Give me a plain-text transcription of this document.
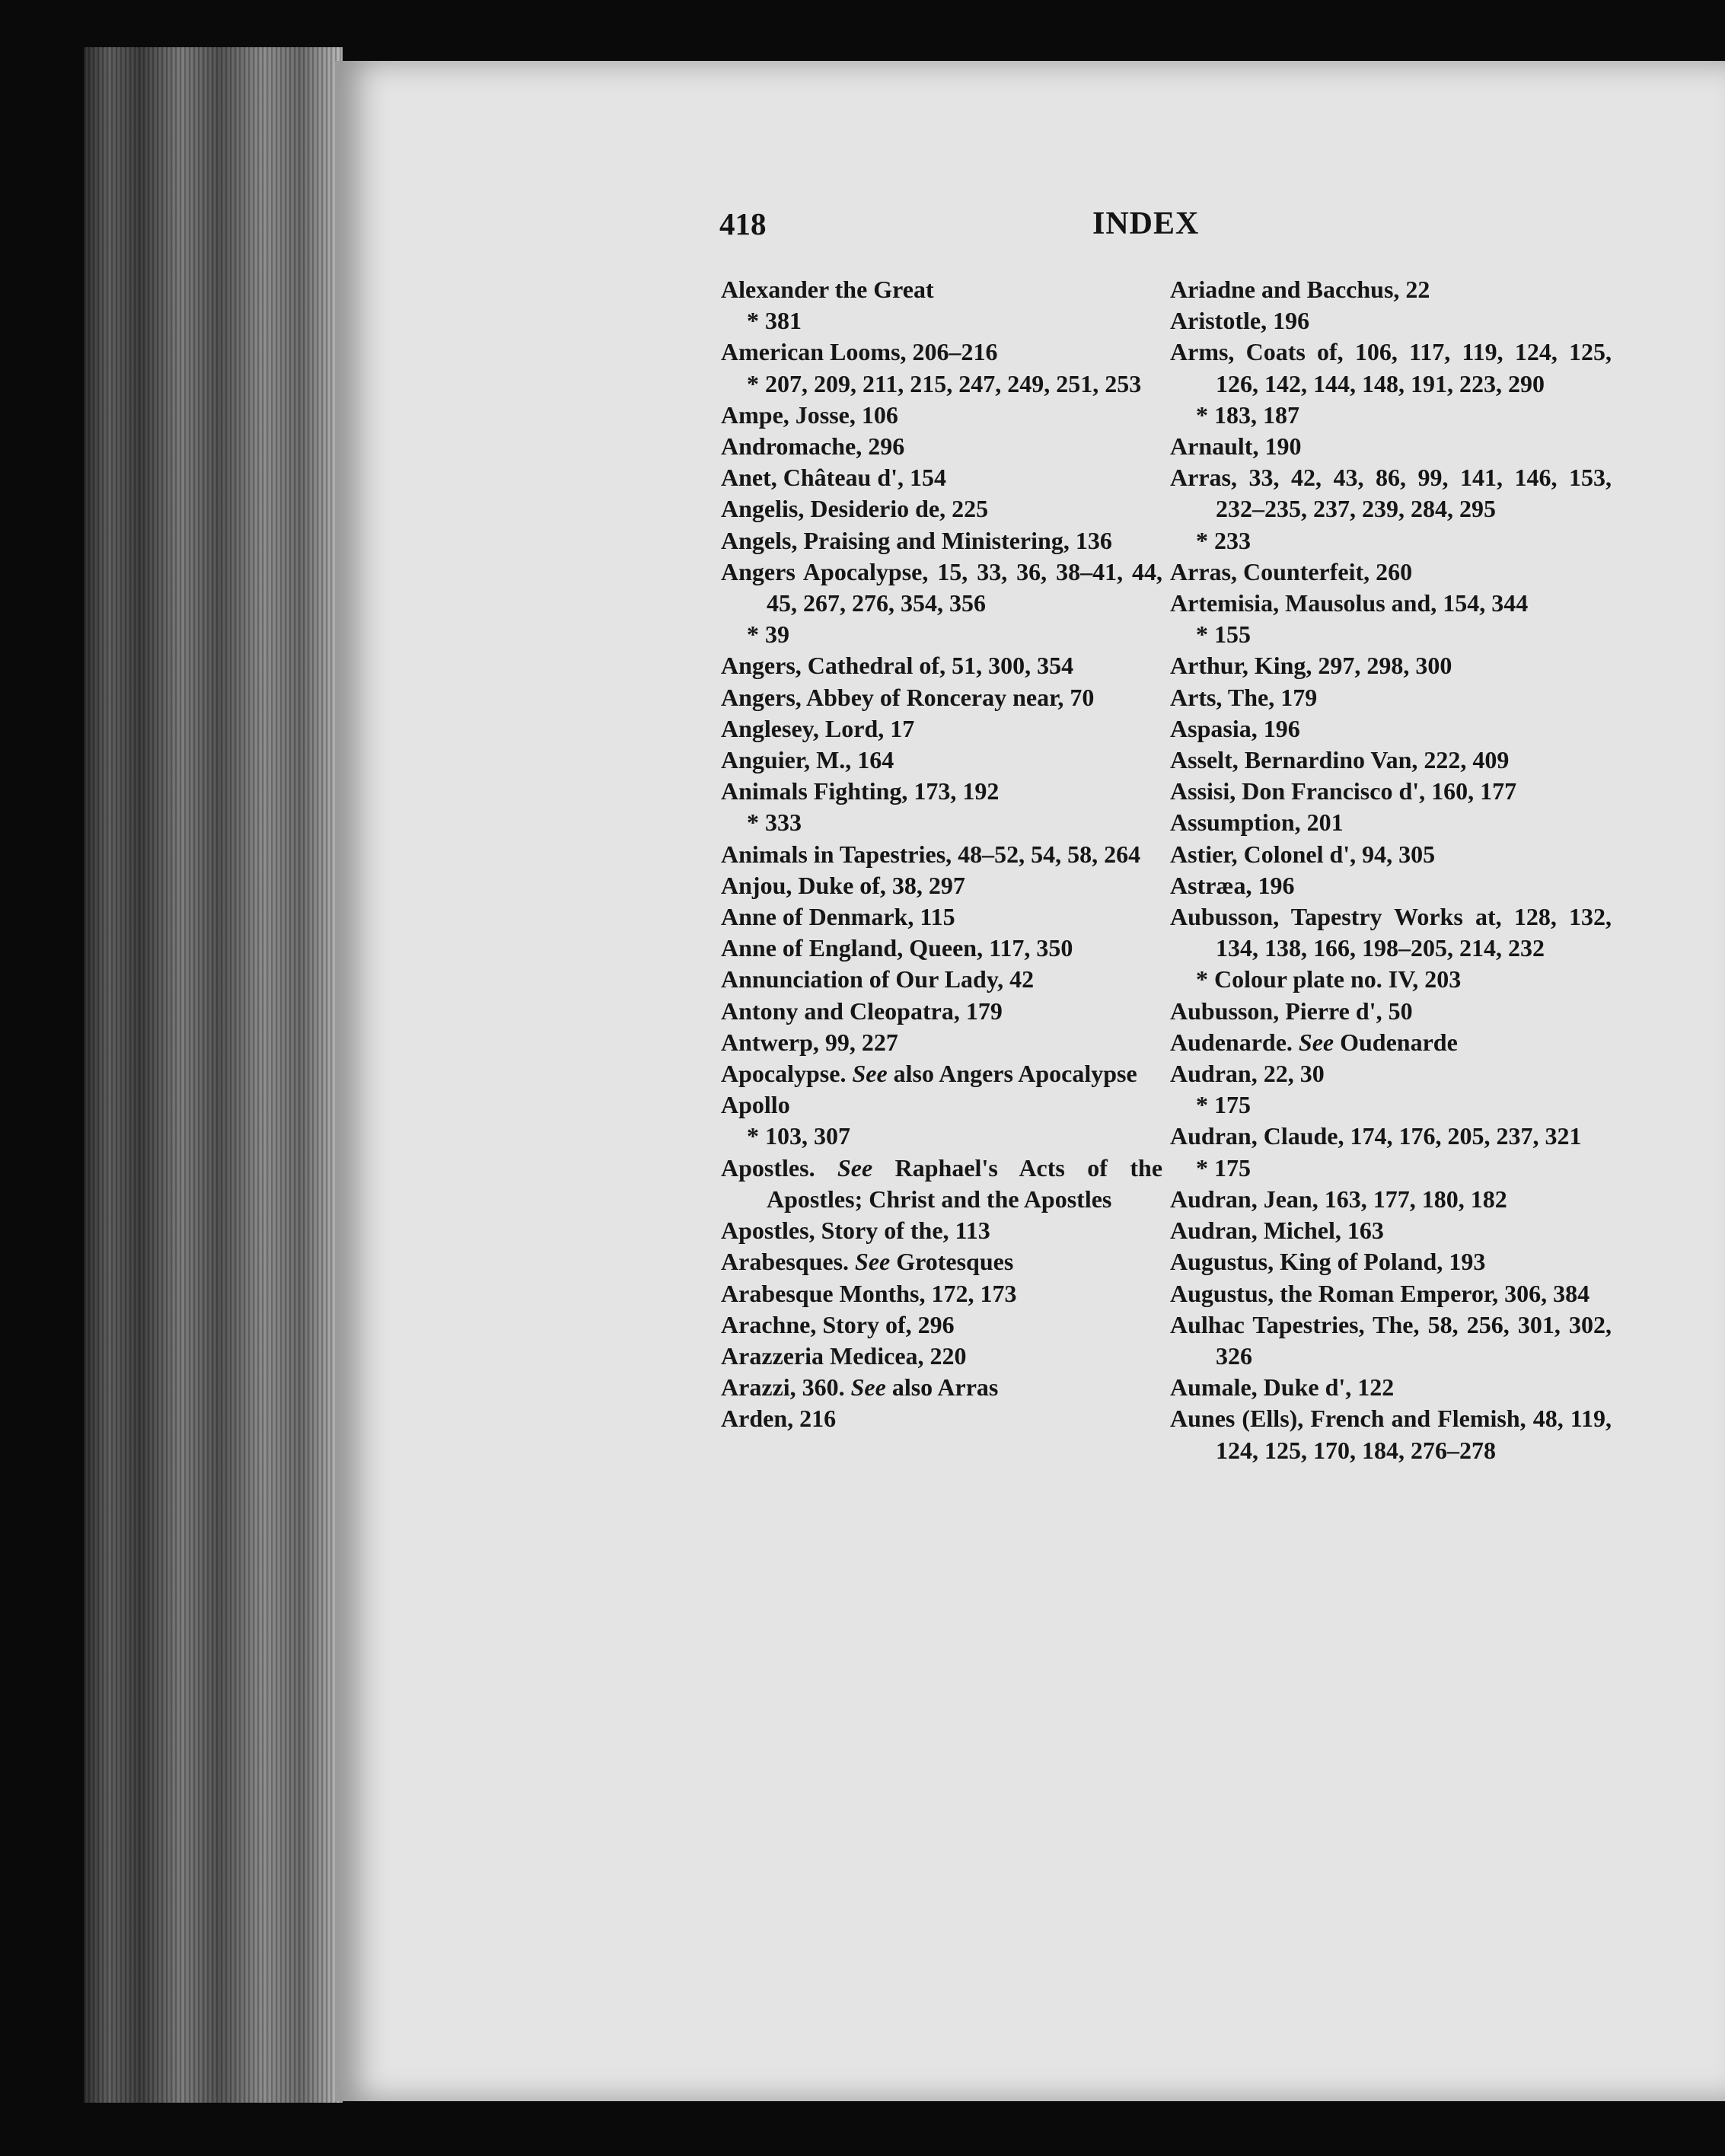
418	INDEX

Alexander the Great

* 381

American Looms, 206–216

* 207, 209, 211, 215, 247, 249, 251, 253

Ampe, Josse, 106

Andromache, 296

Anet, Château d', 154

Angelis, Desiderio de, 225

Angels, Praising and Ministering, 136

Angers Apocalypse, 15, 33, 36, 38–41, 44, 45, 267, 276, 354, 356

* 39

Angers, Cathedral of, 51, 300, 354

Angers, Abbey of Ronceray near, 70

Anglesey, Lord, 17

Anguier, M., 164

Animals Fighting, 173, 192

* 333

Animals in Tapestries, 48–52, 54, 58, 264

Anjou, Duke of, 38, 297

Anne of Denmark, 115

Anne of England, Queen, 117, 350

Annunciation of Our Lady, 42

Antony and Cleopatra, 179

Antwerp, 99, 227

Apocalypse. See also Angers Apocalypse

Apollo

* 103, 307

Apostles. See Raphael's Acts of the Apostles; Christ and the Apostles

Apostles, Story of the, 113

Arabesques. See Grotesques

Arabesque Months, 172, 173

Arachne, Story of, 296

Arazzeria Medicea, 220

Arazzi, 360. See also Arras

Arden, 216

Ariadne and Bacchus, 22

Aristotle, 196

Arms, Coats of, 106, 117, 119, 124, 125, 126, 142, 144, 148, 191, 223, 290

* 183, 187

Arnault, 190

Arras, 33, 42, 43, 86, 99, 141, 146, 153, 232–235, 237, 239, 284, 295

* 233

Arras, Counterfeit, 260

Artemisia, Mausolus and, 154, 344

* 155

Arthur, King, 297, 298, 300

Arts, The, 179

Aspasia, 196

Asselt, Bernardino Van, 222, 409

Assisi, Don Francisco d', 160, 177

Assumption, 201

Astier, Colonel d', 94, 305

Astræa, 196

Aubusson, Tapestry Works at, 128, 132, 134, 138, 166, 198–205, 214, 232

* Colour plate no. IV, 203

Aubusson, Pierre d', 50

Audenarde. See Oudenarde

Audran, 22, 30

* 175

Audran, Claude, 174, 176, 205, 237, 321

* 175

Audran, Jean, 163, 177, 180, 182

Audran, Michel, 163

Augustus, King of Poland, 193

Augustus, the Roman Emperor, 306, 384

Aulhac Tapestries, The, 58, 256, 301, 302, 326

Aumale, Duke d', 122

Aunes (Ells), French and Flemish, 48, 119, 124, 125, 170, 184, 276–278
